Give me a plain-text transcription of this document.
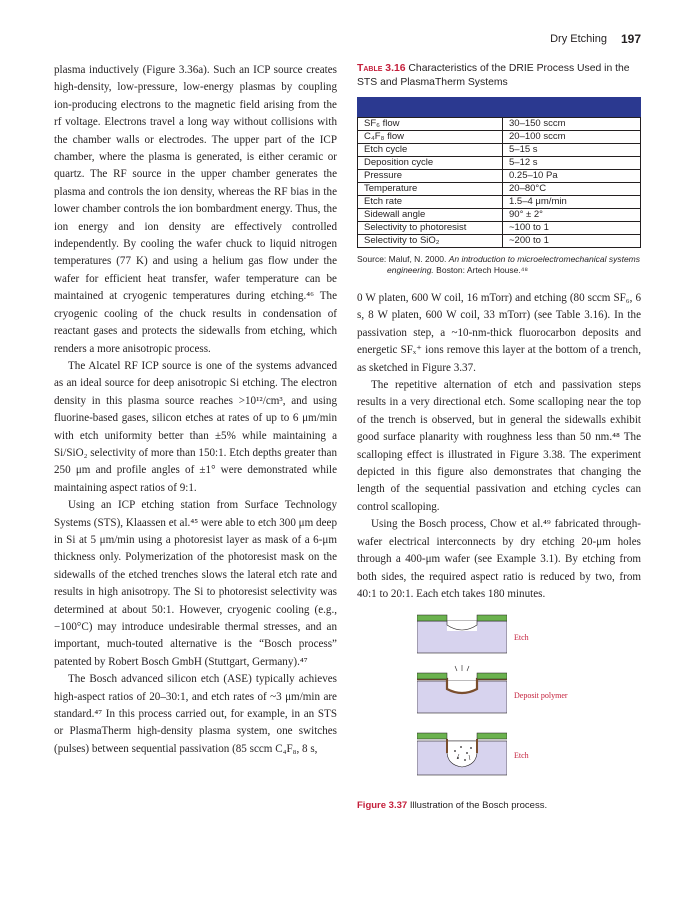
Dry Etching 197

plasma inductively (Figure 3.36a). Such an ICP source creates high-density, low-pressure, low-energy plasmas by coupling ion-producing electrons to the magnetic field arising from the rf voltage. Electrons travel a long way without collisions with the chamber walls or electrodes. The upper part of the ICP chamber, where the plasma is generated, is either ceramic or quartz. The RF source in the upper chamber generates the plasma and controls the ion density, whereas the RF bias in the lower chamber controls the ion bombardment energy. Thus, the ion energy and ion density are effectively controlled independently. By cooling the wafer chuck to liquid nitrogen temperatures (77 K) and using a helium gas flow under the wafer for efficient heat transfer, wafer temperature can be maintained at cryogenic temperatures during etching.⁴⁶ The cryogenic cooling of the chuck results in condensation of reactant gases and protects the sidewalls from etching, which renders a more anisotropic process.

The Alcatel RF ICP source is one of the systems advanced as an ideal source for deep anisotropic Si etching. The electron density in this plasma source reaches >10¹²/cm³, and using fluorine-based gases, silicon etches at rates of up to 6 μm/min with etch uniformity better than ±5% while maintaining a Si/SiO₂ selectivity of more than 150:1. Etch depths greater than 250 μm and profile angles of ±1° were demonstrated while maintaining aspect ratios of 9:1.

Using an ICP etching station from Surface Technology Systems (STS), Klaassen et al.⁴⁵ were able to etch 300 μm deep in Si at 5 μm/min using a photoresist layer as mask of a 6-μm thickness only. Polymerization of the photoresist mask on the sidewalls of the etched trenches slows the lateral etch rate and results in high anisotropy. The Si to photoresist selectivity was determined at about 50:1. However, cryogenic cooling (e.g., −100°C) may introduce undesirable thermal stresses, and an important, much-touted alternative is the “Bosch process” patented by Robert Bosch GmbH (Stuttgart, Germany).⁴⁷

The Bosch advanced silicon etch (ASE) typically achieves high-aspect ratios of 20–30:1, and etch rates of ~3 μm/min are standard.⁴⁷ In this process carried out, for example, in an STS or PlasmaTherm high-density plasma system, one switches (pulses) between sequential passivation (85 sccm C₄F₈, 8 s,

Table 3.16 Characteristics of the DRIE Process Used in the STS and PlasmaTherm Systems
SF₆ flow	30–150 sccm
C₄F₈ flow	20–100 sccm
Etch cycle	5–15 s
Deposition cycle	5–12 s
Pressure	0.25–10 Pa
Temperature	20–80°C
Etch rate	1.5–4 μm/min
Sidewall angle	90° ± 2°
Selectivity to photoresist	~100 to 1
Selectivity to SiO₂	~200 to 1
Source: Maluf, N. 2000. An introduction to microelectromechanical systems engineering. Boston: Artech House.⁴⁸

0 W platen, 600 W coil, 16 mTorr) and etching (80 sccm SF₆, 6 s, 8 W platen, 600 W coil, 33 mTorr) (see Table 3.16). In the passivation step, a ~10-nm-thick fluorocarbon deposits and energetic SFₓ⁺ ions remove this layer at the bottom of a trench, as sketched in Figure 3.37.

The repetitive alternation of etch and passivation steps results in a very directional etch. Some scalloping near the top of the trench is observed, but in general the sidewalls exhibit good surface planarity with roughness less than 50 nm.⁴⁸ The scalloping effect is illustrated in Figure 3.38. The experiment depicted in this figure also demonstrates that changing the length of the sequential passivation and etching cycles can control scalloping.

Using the Bosch process, Chow et al.⁴⁹ fabricated through-wafer electrical interconnects by dry etching 20-μm holes through a 400-μm wafer (see Example 3.1). By etching from both sides, the required aspect ratio is reduced by two, from 40:1 to 20:1. Each etch takes 180 minutes.

Etch
Deposit polymer
Etch
Figure 3.37 Illustration of the Bosch process.
